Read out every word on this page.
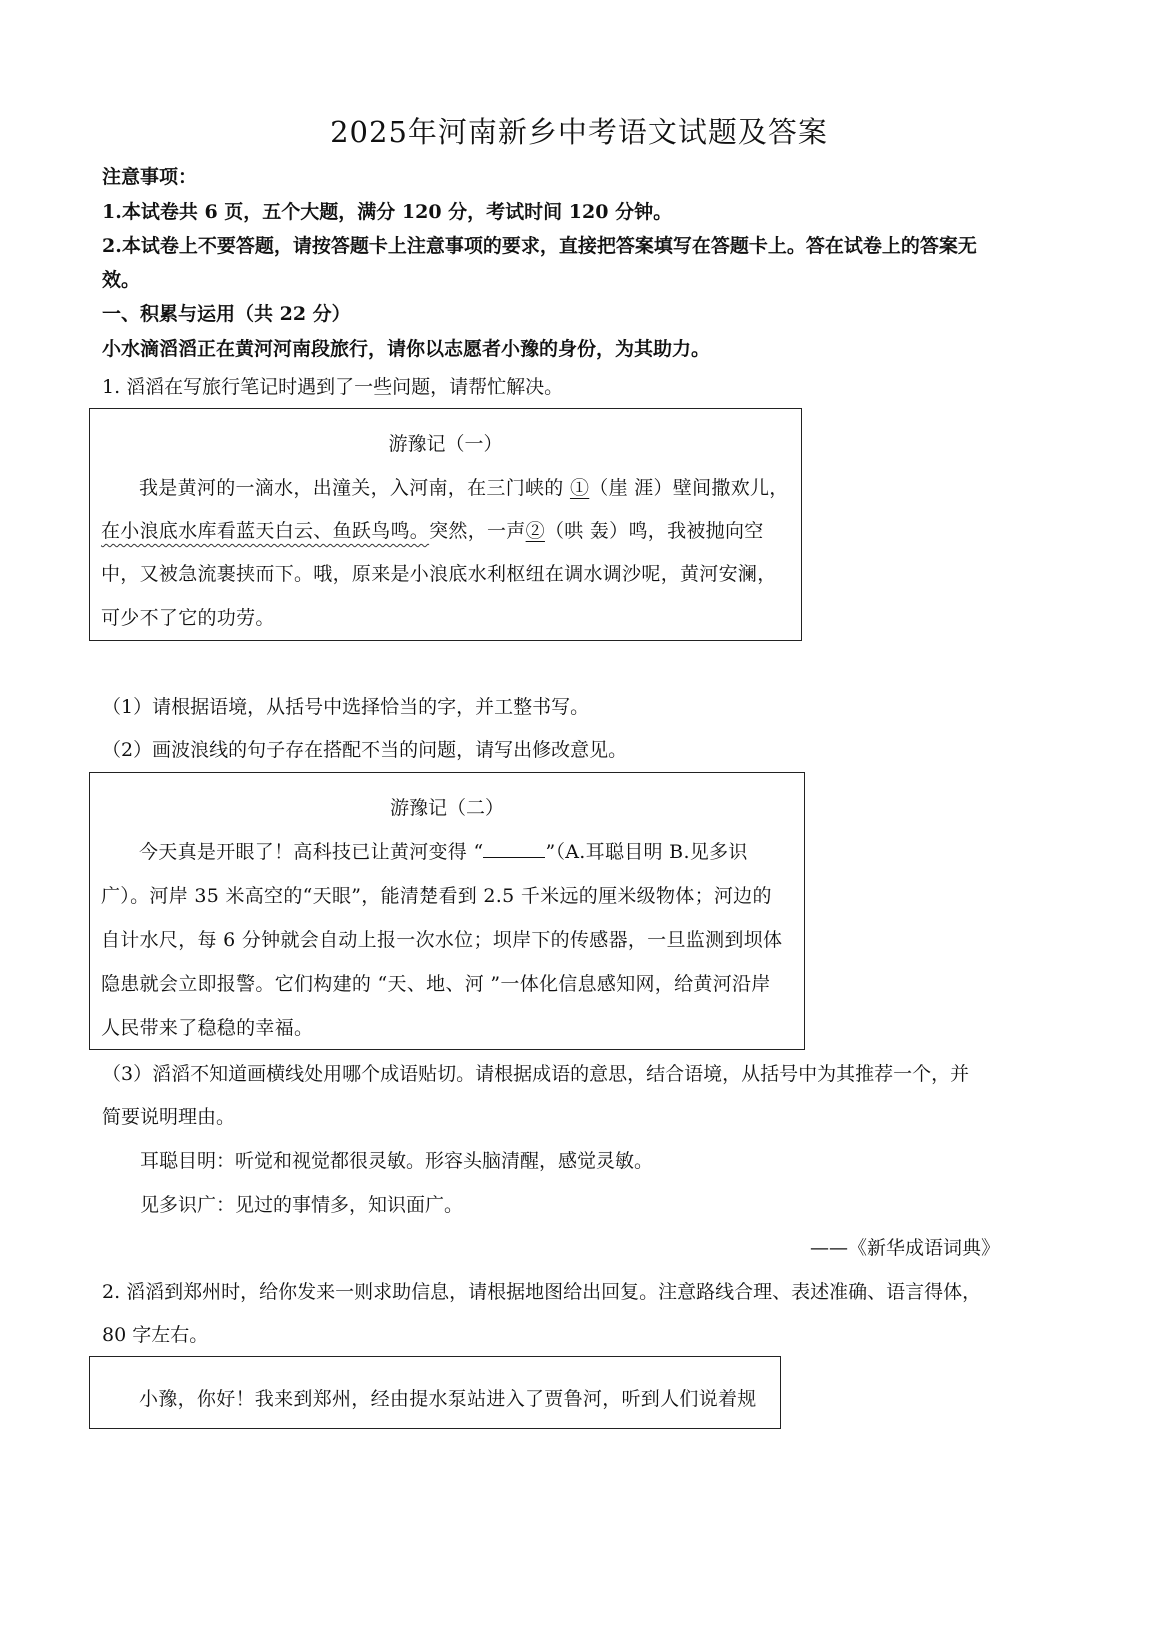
2025年河南新乡中考语文试题及答案
注意事项：
1.本试卷共 6 页，五个大题，满分 120 分，考试时间 120 分钟。
2.本试卷上不要答题，请按答题卡上注意事项的要求，直接把答案填写在答题卡上。答在试卷上的答案无
效。
一、积累与运用（共 22 分）
小水滴滔滔正在黄河河南段旅行，请你以志愿者小豫的身份，为其助力。
1. 滔滔在写旅行笔记时遇到了一些问题，请帮忙解决。
游豫记（一）
我是黄河的一滴水，出潼关，入河南，在三门峡的 ①（崖 涯）壁间撒欢儿，
在小浪底水库看蓝天白云、鱼跃鸟鸣。突然，一声②（哄 轰）鸣，我被抛向空
中，又被急流裹挟而下。哦，原来是小浪底水利枢纽在调水调沙呢，黄河安澜，
可少不了它的功劳。
（1）请根据语境，从括号中选择恰当的字，并工整书写。
（2）画波浪线的句子存在搭配不当的问题，请写出修改意见。
游豫记（二）
今天真是开眼了！高科技已让黄河变得 “	”（A.耳聪目明 B.见多识
广）。河岸 35 米高空的“天眼”，能清楚看到 2.5 千米远的厘米级物体；河边的
自计水尺，每 6 分钟就会自动上报一次水位；坝岸下的传感器，一旦监测到坝体
隐患就会立即报警。它们构建的 “天、地、河 ”一体化信息感知网，给黄河沿岸
人民带来了稳稳的幸福。
（3）滔滔不知道画横线处用哪个成语贴切。请根据成语的意思，结合语境，从括号中为其推荐一个，并
简要说明理由。
耳聪目明：听觉和视觉都很灵敏。形容头脑清醒，感觉灵敏。
见多识广：见过的事情多，知识面广。
——《新华成语词典》
2. 滔滔到郑州时，给你发来一则求助信息，请根据地图给出回复。注意路线合理、表述准确、语言得体，
80 字左右。
小豫，你好！我来到郑州，经由提水泵站进入了贾鲁河，听到人们说着规
